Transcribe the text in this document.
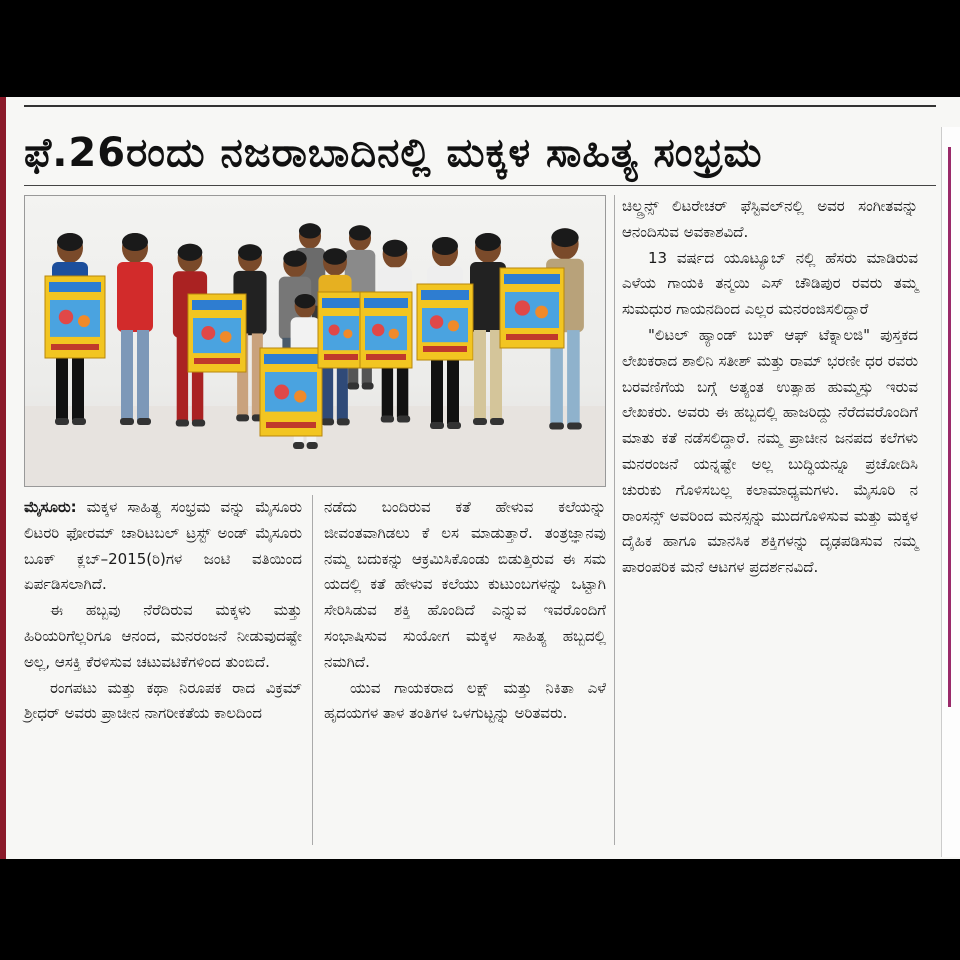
ಫೆ.26ರಂದು ನಜರಾಬಾದಿನಲ್ಲಿ ಮಕ್ಕಳ ಸಾಹಿತ್ಯ ಸಂಭ್ರಮ

ಮೈಸೂರು: ಮಕ್ಕಳ ಸಾಹಿತ್ಯ ಸಂಭ್ರಮ ವನ್ನು ಮೈಸೂರು ಲಿಟರರಿ ಫೋರಮ್ ಚಾರಿಟಬಲ್ ಟ್ರಸ್ಟ್ ಅಂಡ್ ಮೈಸೂರು ಬೂಕ್ ಕ್ಲಬ್–2015(ರಿ)ಗಳ ಜಂಟಿ ವತಿಯಿಂದ ಏರ್ಪಡಿಸಲಾಗಿದೆ.

ಈ ಹಬ್ಬವು ನೆರೆದಿರುವ ಮಕ್ಕಳು ಮತ್ತು ಹಿರಿಯರಿಗೆಲ್ಲರಿಗೂ ಆನಂದ, ಮನರಂಜನೆ ನೀಡುವುದಷ್ಟೇ ಅಲ್ಲ, ಆಸಕ್ತಿ ಕೆರಳಿಸುವ ಚಟುವಟಿಕೆಗಳಿಂದ ತುಂಬಿದೆ.

ರಂಗಪಟು ಮತ್ತು ಕಥಾ ನಿರೂಪಕ ರಾದ ವಿಕ್ರಮ್ ಶ್ರೀಧರ್ ಅವರು ಪ್ರಾಚೀನ ನಾಗರೀಕತೆಯ ಕಾಲದಿಂದ

ನಡೆದು ಬಂದಿರುವ ಕತೆ ಹೇಳುವ ಕಲೆಯನ್ನು ಜೀವಂತವಾಗಿಡಲು ಕೆ ಲಸ ಮಾಡುತ್ತಾರೆ. ತಂತ್ರಜ್ಞಾನವು ನಮ್ಮ ಬದುಕನ್ನು ಆಕ್ರಮಿಸಿಕೊಂಡು ಬಿಡುತ್ತಿರುವ ಈ ಸಮ ಯದಲ್ಲಿ ಕತೆ ಹೇಳುವ ಕಲೆಯು ಕುಟುಂಬಗಳನ್ನು ಒಟ್ಟಾಗಿ ಸೇರಿಸಿಡುವ ಶಕ್ತಿ ಹೊಂದಿದೆ ಎನ್ನುವ ಇವರೊಂದಿಗೆ ಸಂಭಾಷಿಸುವ ಸುಯೋಗ ಮಕ್ಕಳ ಸಾಹಿತ್ಯ ಹಬ್ಬದಲ್ಲಿ ನಮಗಿದೆ.

ಯುವ ಗಾಯಕರಾದ ಲಕ್ಷ್ ಮತ್ತು ನಿಕಿತಾ ಎಳೆ ಹೃದಯಗಳ ತಾಳ ತಂತಿಗಳ ಒಳಗುಟ್ಟನ್ನು ಅರಿತವರು.

ಚಿಲ್ಡ್ರನ್ಸ್ ಲಿಟರೇಚರ್ ಫೆಸ್ಟಿವಲ್‌ನಲ್ಲಿ ಅವರ ಸಂಗೀತವನ್ನು ಆನಂದಿಸುವ ಅವಕಾಶವಿದೆ.

13 ವರ್ಷದ ಯೂಟ್ಯೂಬ್ ನಲ್ಲಿ ಹೆಸರು ಮಾಡಿರುವ ಎಳೆಯ ಗಾಯಕಿ ತನ್ಮಯಿ ಎಸ್ ಚೌಡಿಪುರ ರವರು ತಮ್ಮ ಸುಮಧುರ ಗಾಯನದಿಂದ ಎಲ್ಲರ ಮನರಂಜಿಸಲಿದ್ದಾರೆ

"ಲಿಟಲ್ ಹ್ಯಾಂಡ್ ಬುಕ್ ಆಫ್ ಟೆಕ್ನಾಲಜಿ" ಪುಸ್ತಕದ ಲೇಖಕರಾದ ಶಾಲಿನಿ ಸತೀಶ್ ಮತ್ತು ರಾಮ್ ಭರಣೀ ಧರ ರವರು ಬರವಣಿಗೆಯ ಬಗ್ಗೆ ಅತ್ಯಂತ ಉತ್ಸಾಹ ಹುಮ್ಮಸ್ಸು ಇರುವ ಲೇಖಕರು. ಅವರು ಈ ಹಬ್ಬದಲ್ಲಿ ಹಾಜರಿದ್ದು ನೆರೆದವರೊಂದಿಗೆ ಮಾತು ಕತೆ ನಡೆಸಲಿದ್ದಾರೆ. ನಮ್ಮ ಪ್ರಾಚೀನ ಜನಪದ ಕಲೆಗಳು ಮನರಂಜನೆ ಯನ್ನಷ್ಟೇ ಅಲ್ಲ ಬುದ್ಧಿಯನ್ನೂ ಪ್ರಚೋದಿಸಿ ಚುರುಕು ಗೊಳಿಸಬಲ್ಲ ಕಲಾಮಾಧ್ಯಮಗಳು. ಮೈಸೂರಿ ನ ರಾಂಸನ್ಸ್ ಅವರಿಂದ ಮನಸ್ಸನ್ನು ಮುದಗೊಳಿಸುವ ಮತ್ತು ಮಕ್ಕಳ ದೈಹಿಕ ಹಾಗೂ ಮಾನಸಿಕ ಶಕ್ತಿಗಳನ್ನು ದೃಢಪಡಿಸುವ ನಮ್ಮ ಪಾರಂಪರಿಕ ಮನೆ ಆಟಗಳ ಪ್ರದರ್ಶನವಿದೆ.
